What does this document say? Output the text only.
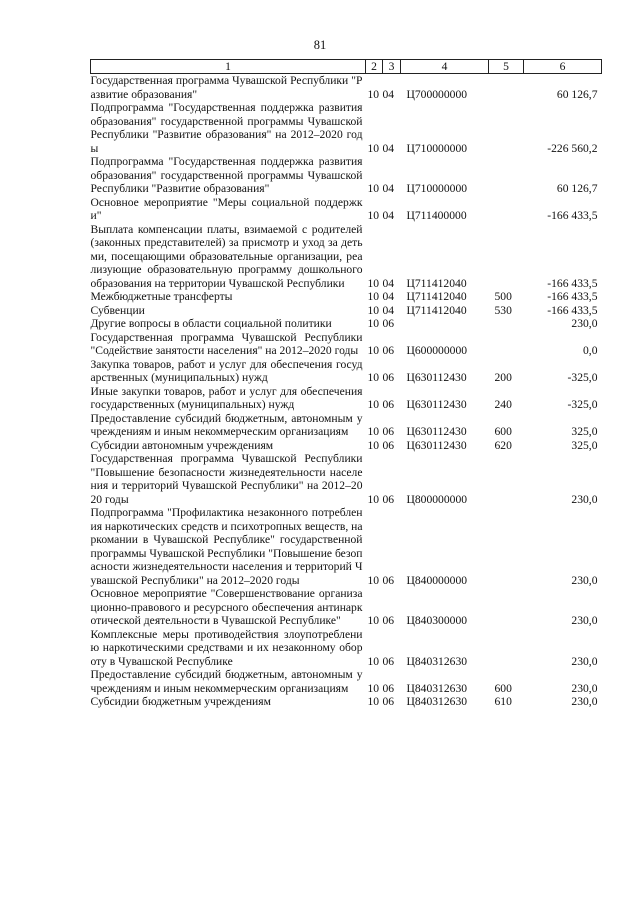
81
1	2	3	4	5	6
Государственная программа Чувашской Республики "Развитие образования"	10	04	Ц700000000		60 126,7
Подпрограмма "Государственная поддержка развития образования" государственной программы Чувашской Республики "Развитие образования" на 2012–2020 годы	10	04	Ц710000000		-226 560,2
Подпрограмма "Государственная поддержка развития образования" государственной программы Чувашской Республики "Развитие образования"	10	04	Ц710000000		60 126,7
Основное мероприятие "Меры социальной поддержки"	10	04	Ц711400000		-166 433,5
Выплата компенсации платы, взимаемой с родителей (законных представителей) за присмотр и уход за детьми, посещающими образовательные организации, реализующие образовательную программу дошкольного образования на территории Чувашской Республики	10	04	Ц711412040		-166 433,5
Межбюджетные трансферты	10	04	Ц711412040	500	-166 433,5
Субвенции	10	04	Ц711412040	530	-166 433,5
Другие вопросы в области социальной политики	10	06			230,0
Государственная программа Чувашской Республики "Содействие занятости населения" на 2012–2020 годы	10	06	Ц600000000		0,0
Закупка товаров, работ и услуг для обеспечения государственных (муниципальных) нужд	10	06	Ц630112430	200	-325,0
Иные закупки товаров, работ и услуг для обеспечения государственных (муниципальных) нужд	10	06	Ц630112430	240	-325,0
Предоставление субсидий бюджетным, автономным учреждениям и иным некоммерческим организациям	10	06	Ц630112430	600	325,0
Субсидии автономным учреждениям	10	06	Ц630112430	620	325,0
Государственная программа Чувашской Республики "Повышение безопасности жизнедеятельности населения и территорий Чувашской Республики" на 2012–2020 годы	10	06	Ц800000000		230,0
Подпрограмма "Профилактика незаконного потребления наркотических средств и психотропных веществ, наркомании в Чувашской Республике" государственной программы Чувашской Республики "Повышение безопасности жизнедеятельности населения и территорий Чувашской Республики" на 2012–2020 годы	10	06	Ц840000000		230,0
Основное мероприятие "Совершенствование организационно-правового и ресурсного обеспечения антинаркотической деятельности в Чувашской Республике"	10	06	Ц840300000		230,0
Комплексные меры противодействия злоупотреблению наркотическими средствами и их незаконному обороту в Чувашской Республике	10	06	Ц840312630		230,0
Предоставление субсидий бюджетным, автономным учреждениям и иным некоммерческим организациям	10	06	Ц840312630	600	230,0
Субсидии бюджетным учреждениям	10	06	Ц840312630	610	230,0
